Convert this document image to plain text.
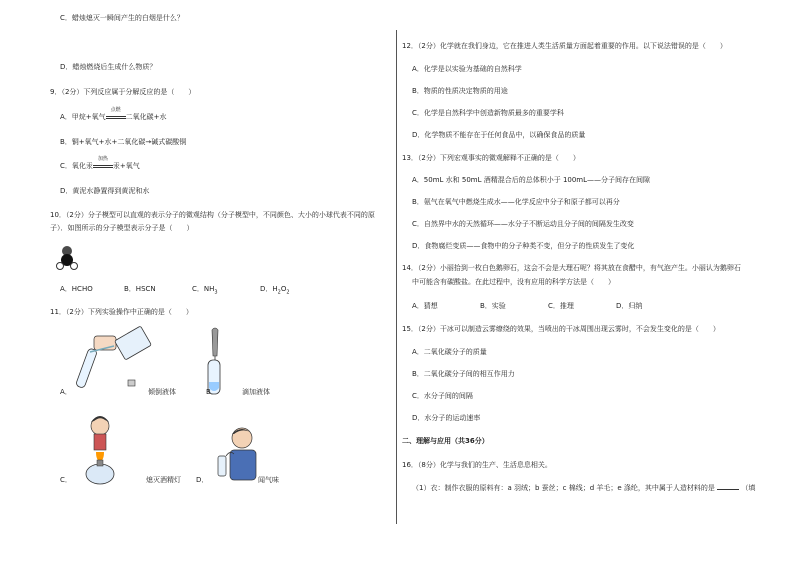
C．蜡烛熄灭一瞬间产生的白烟是什么？
D．蜡烛燃烧后生成什么物质？
9．（2分）下列反应属于分解反应的是（　　）
A．甲烷+氧气
点燃
二氧化碳+水
B．铜+氧气+水+二氧化碳→碱式碳酸铜
C．氧化汞
加热
汞+氧气
D．黄泥水静置得到黄泥和水
10．（2分）分子模型可以直观的表示分子的微观结构（分子模型中，不同颜色、大小的小球代表不同的原
子）．如图所示的分子模型表示分子是（　　）
A．HCHO	B．HSCN	C．$NH_3$	D．$H_2O_2$
11．（2分）下列实验操作中正确的是（　　）
A．	倾倒液体	B．	滴加液体
C．	熄灭酒精灯 D．	闻气味
12．（2分）化学就在我们身边，它在推进人类生活质量方面起着重要的作用。以下说法错误的是（　　）
A．化学是以实验为基础的自然科学
B．物质的性质决定物质的用途
C．化学是自然科学中创造新物质最多的重要学科
D．化学物质不能存在于任何食品中，以确保食品的质量
13．（2分）下列宏观事实的微观解释不正确的是（　　）
A．50mL 水和 50mL 酒精混合后的总体积小于 100mL——分子间存在间隙
B．氨气在氧气中燃烧生成水——化学反应中分子和原子都可以再分
C．自然界中水的天然循环——水分子不断运动且分子间的间隔发生改变
D．食物腐烂变质——食物中的分子种类不变，但分子的性质发生了变化
14．（2分）小丽拾到一枚白色鹅卵石，这会不会是大理石呢？将其放在食醋中，有气泡产生。小丽认为鹅卵石
中可能含有碳酸盐。在此过程中，没有应用的科学方法是（　　）
A．猜想	B．实验	C．推理	D．归纳
15．（2分）干冰可以制造云雾缭绕的效果，当喷出的干冰周围出现云雾时，不会发生变化的是（　　）
A．二氧化碳分子的质量
B．二氧化碳分子间的相互作用力
C．水分子间的间隔
D．水分子的运动速率
二、理解与应用（共36分）
16．（8分）化学与我们的生产、生活息息相关。
（1）衣：制作衣服的原料有：a 羽绒；b 蚕丝；c 棉线；d 羊毛；e 涤纶，其中属于人造材料的是	（填
